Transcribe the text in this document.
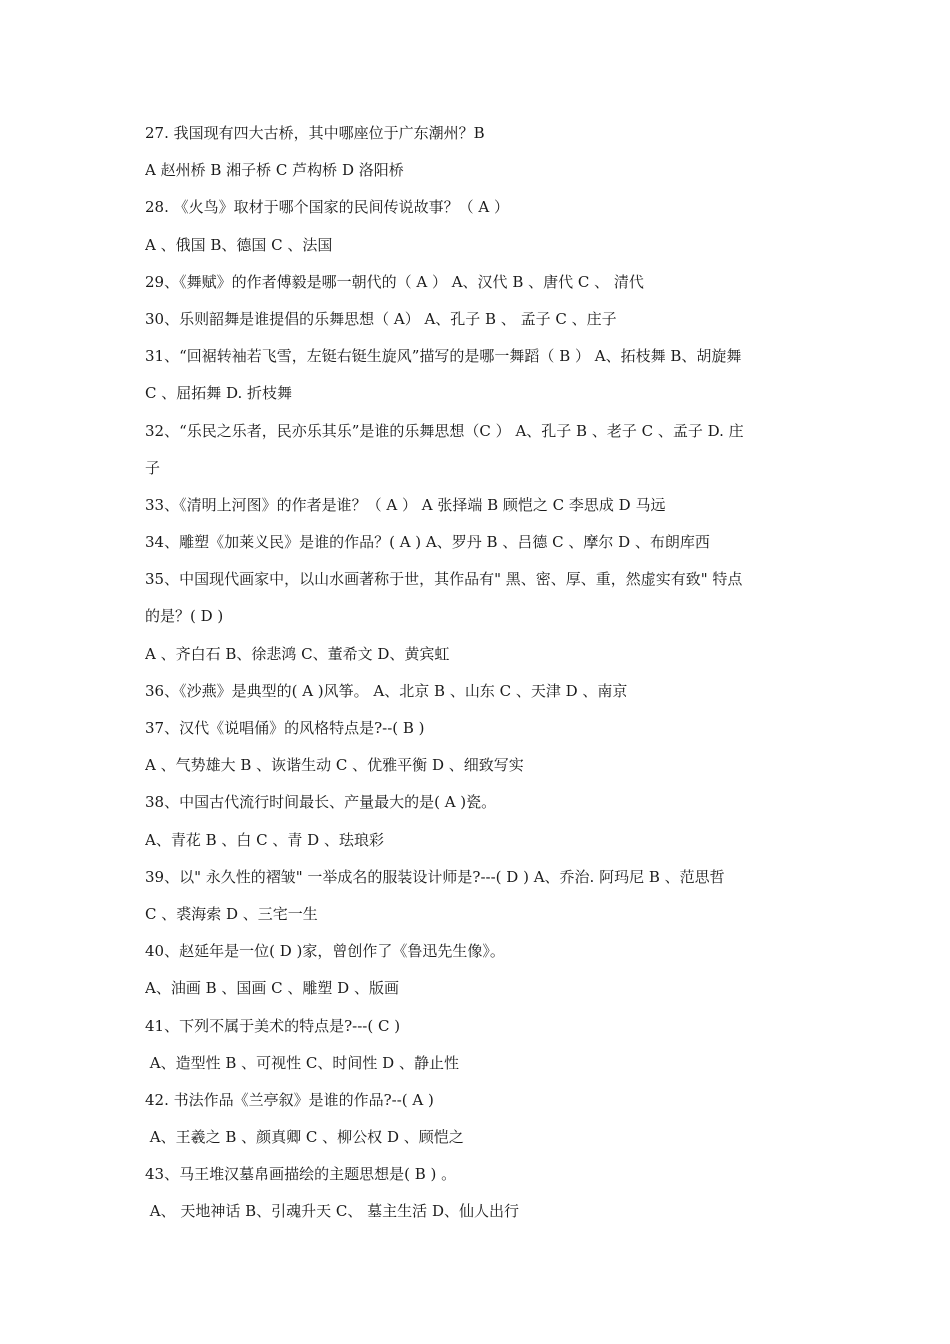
27. 我国现有四大古桥，其中哪座位于广东潮州？B
A 赵州桥 B 湘子桥 C 芦构桥 D 洛阳桥
28. 《火鸟》取材于哪个国家的民间传说故事？（ A ）
A 、俄国 B、德国 C 、法国
29、《舞赋》的作者傅毅是哪一朝代的（ A ） A、汉代 B 、唐代 C 、 清代
30、乐则韶舞是谁提倡的乐舞思想（ A） A、孔子 B 、 孟子 C 、庄子
31、“回裾转袖若飞雪，左铤右铤生旋风”描写的是哪一舞蹈（ B ） A、拓枝舞 B、胡旋舞
C 、屈拓舞 D. 折枝舞
32、“乐民之乐者，民亦乐其乐”是谁的乐舞思想（C ） A、孔子 B 、老子 C 、孟子 D. 庄
子
33、《清明上河图》的作者是谁？（ A ） A 张择端 B 顾恺之 C 李思成 D 马远
34、雕塑《加莱义民》是谁的作品？( A ) A、罗丹 B 、吕德 C 、摩尔 D 、布朗库西
35、中国现代画家中，以山水画著称于世，其作品有" 黑、密、厚、重，然虚实有致" 特点
的是？( D )
A 、齐白石 B、徐悲鸿 C、董希文 D、黄宾虹
36、《沙燕》是典型的( A )风筝。 A、北京 B 、山东 C 、天津 D 、南京
37、汉代《说唱俑》的风格特点是?--( B )
A 、气势雄大 B 、诙谐生动 C 、优雅平衡 D 、细致写实
38、中国古代流行时间最长、产量最大的是( A )瓷。
A、青花 B 、白 C 、青 D 、珐琅彩
39、以" 永久性的褶皱" 一举成名的服装设计师是?---( D ) A、乔治. 阿玛尼 B 、范思哲
C 、裘海索 D 、三宅一生
40、赵延年是一位( D )家，曾创作了《鲁迅先生像》。
A、油画 B 、国画 C 、雕塑 D 、版画
41、下列不属于美术的特点是?---( C )
A、造型性 B 、可视性 C、时间性 D 、静止性
42. 书法作品《兰亭叙》是谁的作品?--( A )
A、王羲之 B 、颜真卿 C 、柳公权 D 、顾恺之
43、马王堆汉墓帛画描绘的主题思想是( B ) 。
A、 天地神话 B、引魂升天 C、 墓主生活 D、仙人出行
